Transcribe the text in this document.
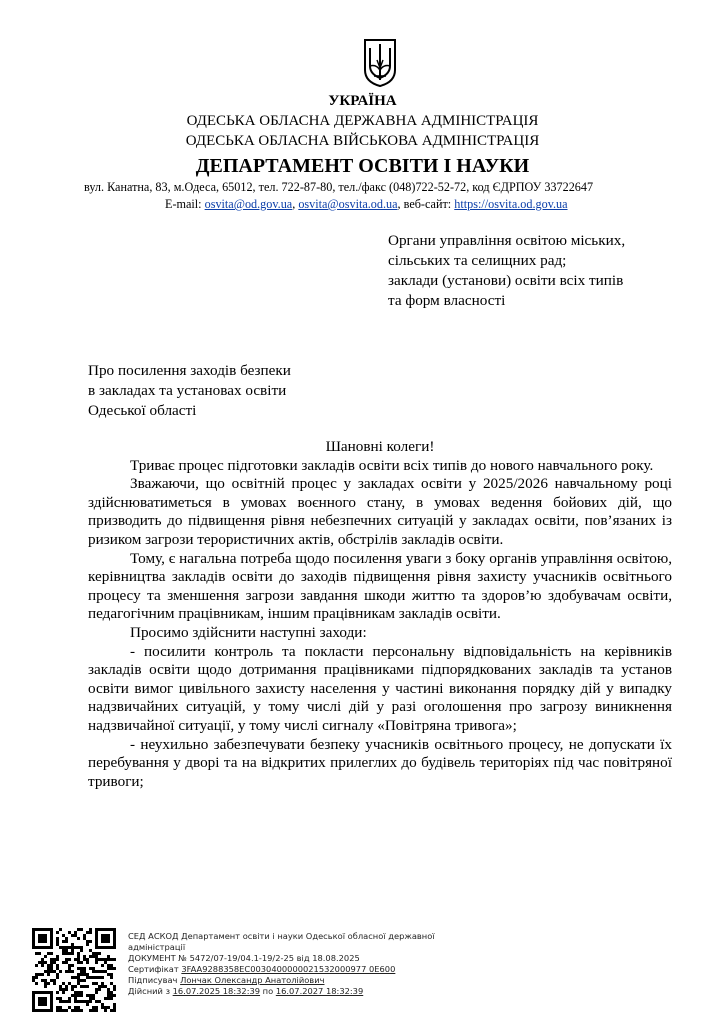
УКРАЇНА
ОДЕСЬКА ОБЛАСНА ДЕРЖАВНА АДМІНІСТРАЦІЯ
ОДЕСЬКА ОБЛАСНА ВІЙСЬКОВА АДМІНІСТРАЦІЯ
ДЕПАРТАМЕНТ ОСВІТИ І НАУКИ
вул. Канатна, 83, м.Одеса, 65012, тел. 722-87-80, тел./факс (048)722-52-72, код ЄДРПОУ 33722647
E-mail: osvita@od.gov.ua, osvita@osvita.od.ua, веб-сайт: https://osvita.od.gov.ua
Органи управління освітою міських,
сільських та селищних рад;
заклади (установи) освіти всіх типів
та форм власності
Про посилення заходів безпеки
в закладах та установах освіти
Одеської області

Шановні колеги!

Триває процес підготовки закладів освіти всіх типів до нового навчального року.

Зважаючи, що освітній процес у закладах освіти у 2025/2026 навчальному році здійснюватиметься в умовах воєнного стану, в умовах ведення бойових дій, що призводить до підвищення рівня небезпечних ситуацій у закладах освіти, пов’язаних із ризиком загрози терористичних актів, обстрілів закладів освіти.

Тому, є нагальна потреба щодо посилення уваги з боку органів управління освітою, керівництва закладів освіти до заходів підвищення рівня захисту учасників освітнього процесу та зменшення загрози завдання шкоди життю та здоров’ю здобувачам освіти, педагогічним працівникам, іншим працівникам закладів освіти.

Просимо здійснити наступні заходи:

- посилити контроль та покласти персональну відповідальність на керівників закладів освіти щодо дотримання працівниками підпорядкованих закладів та установ освіти вимог цивільного захисту населення у частині виконання порядку дій у випадку надзвичайних ситуацій, у тому числі дій у разі оголошення про загрозу виникнення надзвичайної ситуації, у тому числі сигналу «Повітряна тривога»;

- неухильно забезпечувати безпеку учасників освітнього процесу, не допускати їх перебування у дворі та на відкритих прилеглих до будівель територіях під час повітряної тривоги;

СЕД АСКОД Департамент освіти і науки Одеської обласної державної
адміністрації
ДОКУМЕНТ № 5472/07-19/04.1-19/2-25 від 18.08.2025
Сертифікат 3FAA9288358EC0030400000021532000977 0E600
Підписувач Лончак Олександр Анатолійович
Дійсний з 16.07.2025 18:32:39 по 16.07.2027 18:32:39
